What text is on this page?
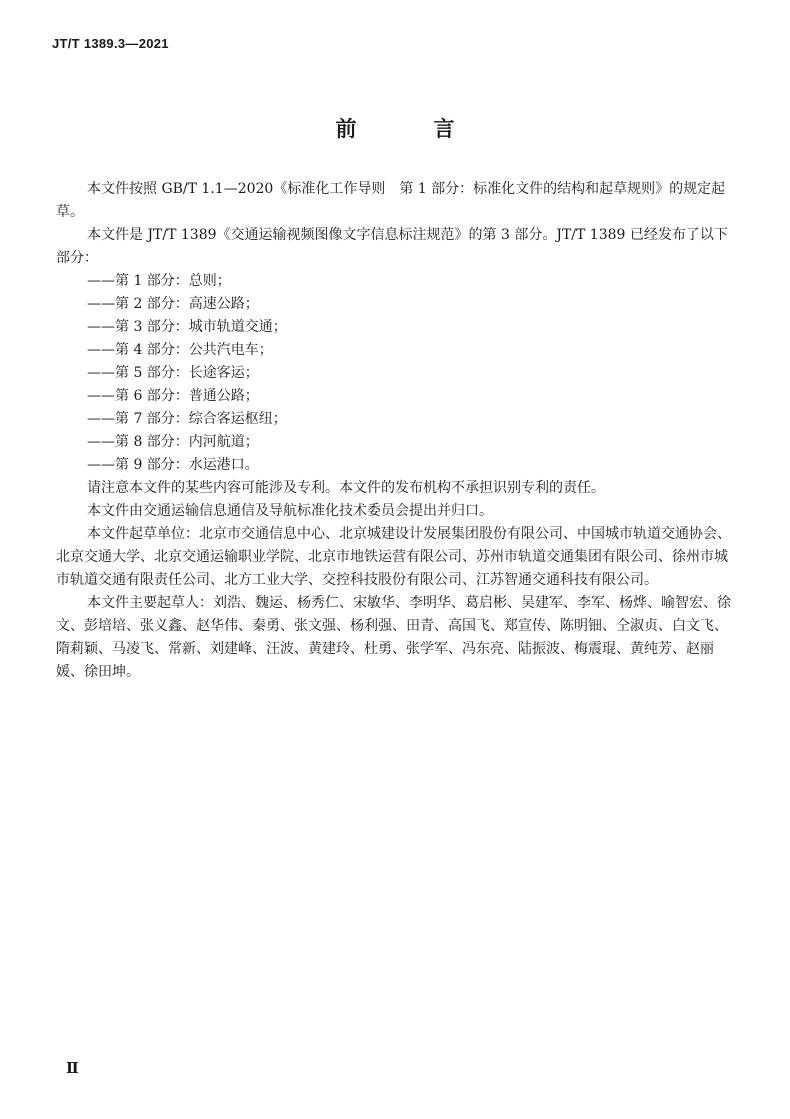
JT/T 1389.3—2021
前　言

本文件按照 GB/T 1.1—2020《标准化工作导则　第 1 部分：标准化文件的结构和起草规则》的规定起草。

本文件是 JT/T 1389《交通运输视频图像文字信息标注规范》的第 3 部分。JT/T 1389 已经发布了以下部分：

——第 1 部分：总则；

——第 2 部分：高速公路；

——第 3 部分：城市轨道交通；

——第 4 部分：公共汽电车；

——第 5 部分：长途客运；

——第 6 部分：普通公路；

——第 7 部分：综合客运枢纽；

——第 8 部分：内河航道；

——第 9 部分：水运港口。

请注意本文件的某些内容可能涉及专利。本文件的发布机构不承担识别专利的责任。

本文件由交通运输信息通信及导航标准化技术委员会提出并归口。

本文件起草单位：北京市交通信息中心、北京城建设计发展集团股份有限公司、中国城市轨道交通协会、北京交通大学、北京交通运输职业学院、北京市地铁运营有限公司、苏州市轨道交通集团有限公司、徐州市城市轨道交通有限责任公司、北方工业大学、交控科技股份有限公司、江苏智通交通科技有限公司。

本文件主要起草人：刘浩、魏运、杨秀仁、宋敏华、李明华、葛启彬、吴建军、李军、杨烨、喻智宏、徐文、彭培培、张义鑫、赵华伟、秦勇、张文强、杨利强、田青、高国飞、郑宣传、陈明钿、仝淑贞、白文飞、隋莉颖、马凌飞、常新、刘建峰、汪波、黄建玲、杜勇、张学军、冯东亮、陆振波、梅震琨、黄纯芳、赵丽媛、徐田坤。

Ⅱ
